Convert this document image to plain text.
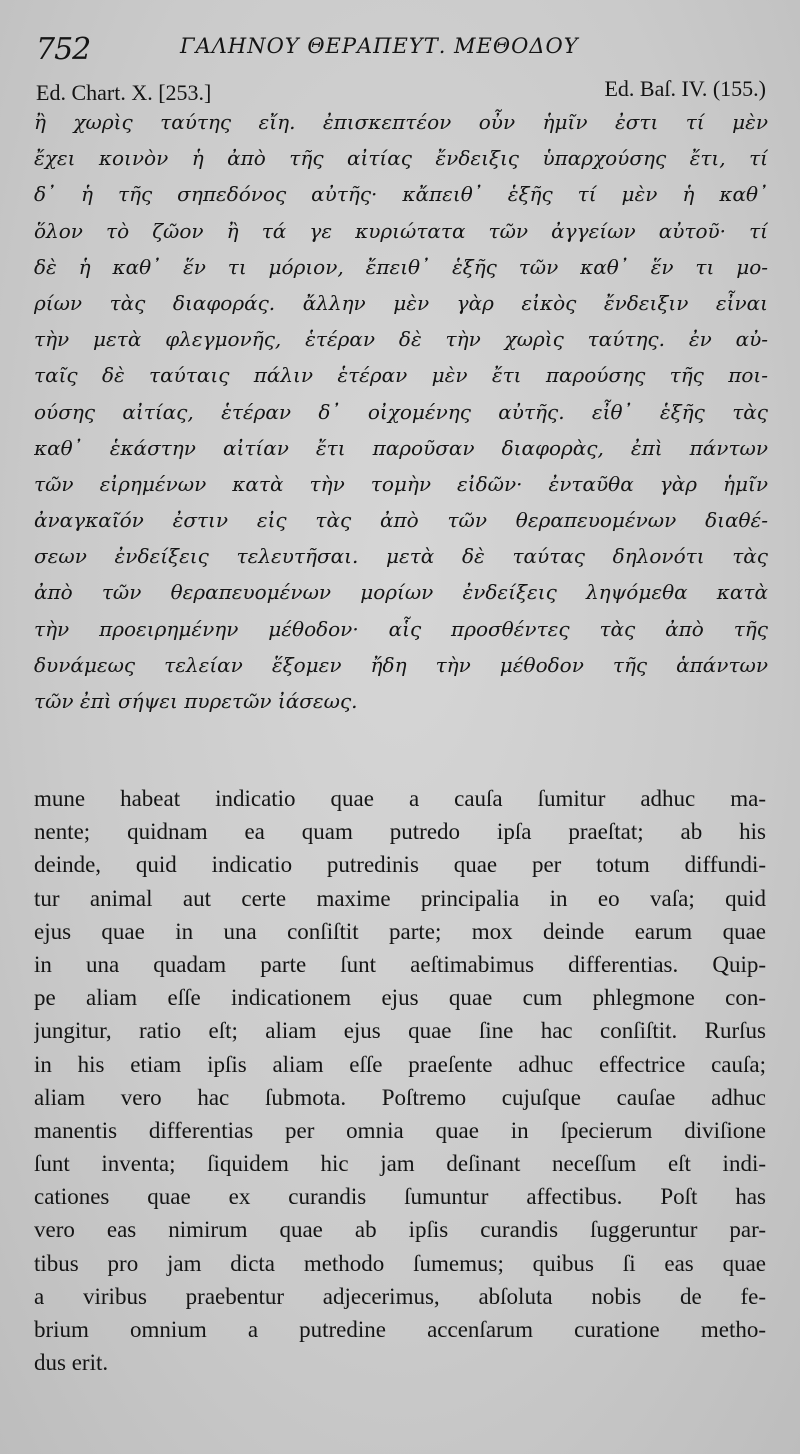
752	ΓΑΛΗΝΟΥ ΘΕΡΑΠΕΥΤ. ΜΕΘΟΔΟΥ
Ed. Chart. X. [253.]	Ed. Baſ. IV. (155.)
ἢ χωρὶς ταύτης εἴη. ἐπισκεπτέον οὖν ἡμῖν ἐστι τί μὲν
ἔχει κοινὸν ἡ ἀπὸ τῆς αἰτίας ἔνδειξις ὑπαρχούσης ἔτι, τί
δ᾽ ἡ τῆς σηπεδόνος αὐτῆς· κἄπειθ᾽ ἑξῆς τί μὲν ἡ καθ᾽
ὅλον τὸ ζῶον ἢ τά γε κυριώτατα τῶν ἀγγείων αὐτοῦ· τί
δὲ ἡ καθ᾽ ἕν τι μόριον, ἔπειθ᾽ ἑξῆς τῶν καθ᾽ ἕν τι μο-
ρίων τὰς διαφοράς. ἄλλην μὲν γὰρ εἰκὸς ἔνδειξιν εἶναι
τὴν μετὰ φλεγμονῆς, ἑτέραν δὲ τὴν χωρὶς ταύτης. ἐν αὐ-
ταῖς δὲ ταύταις πάλιν ἑτέραν μὲν ἔτι παρούσης τῆς ποι-
ούσης αἰτίας, ἑτέραν δ᾽ οἰχομένης αὐτῆς. εἶθ᾽ ἑξῆς τὰς
καθ᾽ ἑκάστην αἰτίαν ἔτι παροῦσαν διαφορὰς, ἐπὶ πάντων
τῶν εἰρημένων κατὰ τὴν τομὴν εἰδῶν· ἐνταῦθα γὰρ ἡμῖν
ἀναγκαῖόν ἐστιν εἰς τὰς ἀπὸ τῶν θεραπευομένων διαθέ-
σεων ἐνδείξεις τελευτῆσαι. μετὰ δὲ ταύτας δηλονότι τὰς
ἀπὸ τῶν θεραπευομένων μορίων ἐνδείξεις ληψόμεθα κατὰ
τὴν προειρημένην μέθοδον· αἷς προσθέντες τὰς ἀπὸ τῆς
δυνάμεως τελείαν ἕξομεν ἤδη τὴν μέθοδον τῆς ἁπάντων
τῶν ἐπὶ σήψει πυρετῶν ἰάσεως.
mune habeat indicatio quae a cauſa ſumitur adhuc ma-
nente; quidnam ea quam putredo ipſa praeſtat; ab his
deinde, quid indicatio putredinis quae per totum diffundi-
tur animal aut certe maxime principalia in eo vaſa; quid
ejus quae in una conſiſtit parte; mox deinde earum quae
in una quadam parte ſunt aeſtimabimus differentias. Quip-
pe aliam eſſe indicationem ejus quae cum phlegmone con-
jungitur, ratio eſt; aliam ejus quae ſine hac conſiſtit. Rurſus
in his etiam ipſis aliam eſſe praeſente adhuc effectrice cauſa;
aliam vero hac ſubmota. Poſtremo cujuſque cauſae adhuc
manentis differentias per omnia quae in ſpecierum diviſione
ſunt inventa; ſiquidem hic jam deſinant neceſſum eſt indi-
cationes quae ex curandis ſumuntur affectibus. Poſt has
vero eas nimirum quae ab ipſis curandis ſuggeruntur par-
tibus pro jam dicta methodo ſumemus; quibus ſi eas quae
a viribus praebentur adjecerimus, abſoluta nobis de fe-
brium omnium a putredine accenſarum curatione metho-
dus erit.
